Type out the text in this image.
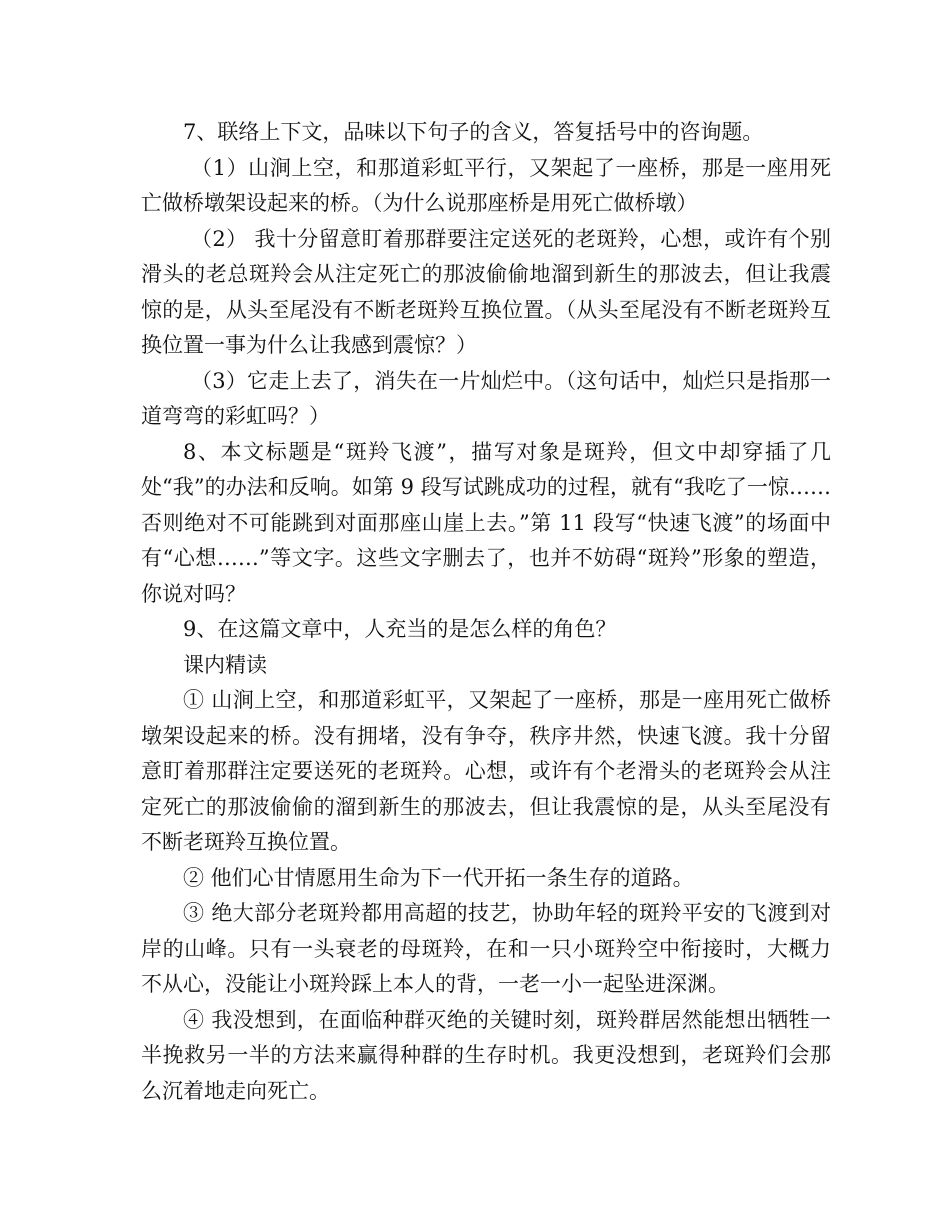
7、联络上下文，品味以下句子的含义，答复括号中的咨询题。

（1）山涧上空，和那道彩虹平行，又架起了一座桥，那是一座用死亡做桥墩架设起来的桥。（为什么说那座桥是用死亡做桥墩）

（2） 我十分留意盯着那群要注定送死的老斑羚，心想，或许有个别滑头的老总斑羚会从注定死亡的那波偷偷地溜到新生的那波去，但让我震惊的是，从头至尾没有不断老斑羚互换位置。（从头至尾没有不断老斑羚互换位置一事为什么让我感到震惊？）

（3）它走上去了，消失在一片灿烂中。（这句话中，灿烂只是指那一道弯弯的彩虹吗？）

8、本文标题是“斑羚飞渡”，描写对象是斑羚，但文中却穿插了几处“我”的办法和反响。如第 9 段写试跳成功的过程，就有“我吃了一惊……否则绝对不可能跳到对面那座山崖上去。”第 11 段写“快速飞渡”的场面中有“心想……”等文字。这些文字删去了，也并不妨碍“斑羚”形象的塑造，你说对吗？

9、在这篇文章中，人充当的是怎么样的角色？

课内精读

① 山涧上空，和那道彩虹平，又架起了一座桥，那是一座用死亡做桥墩架设起来的桥。没有拥堵，没有争夺，秩序井然，快速飞渡。我十分留意盯着那群注定要送死的老斑羚。心想，或许有个老滑头的老斑羚会从注定死亡的那波偷偷的溜到新生的那波去，但让我震惊的是，从头至尾没有不断老斑羚互换位置。

② 他们心甘情愿用生命为下一代开拓一条生存的道路。

③ 绝大部分老斑羚都用高超的技艺，协助年轻的斑羚平安的飞渡到对岸的山峰。只有一头衰老的母斑羚，在和一只小斑羚空中衔接时，大概力不从心，没能让小斑羚踩上本人的背，一老一小一起坠进深渊。

④ 我没想到，在面临种群灭绝的关键时刻，斑羚群居然能想出牺牲一半挽救另一半的方法来赢得种群的生存时机。我更没想到，老斑羚们会那么沉着地走向死亡。
